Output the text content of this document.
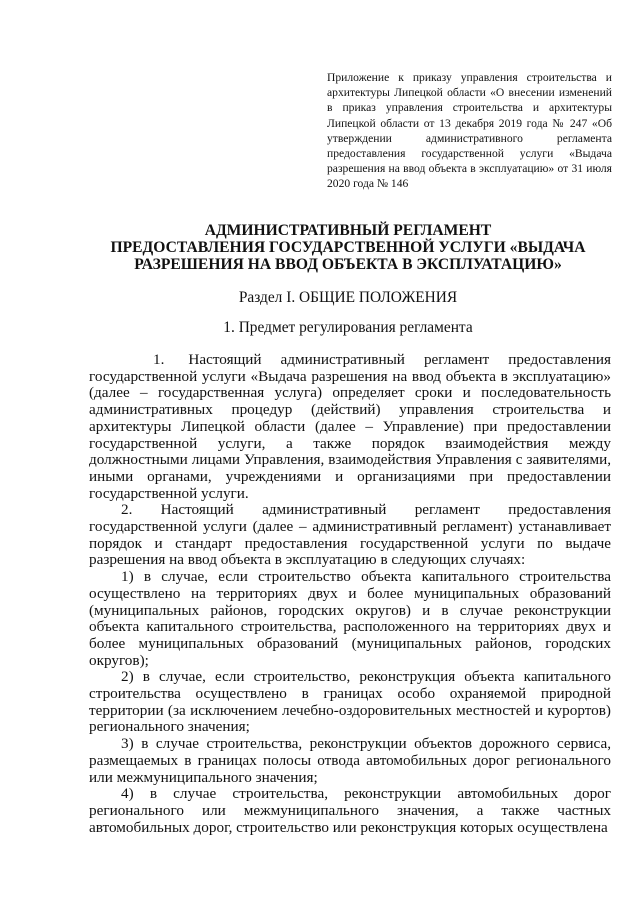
Приложение к приказу управления строительства и архитектуры Липецкой области «О внесении изменений в приказ управления строительства и архитектуры Липецкой области от 13 декабря 2019 года № 247 «Об утверждении административного регламента предоставления государственной услуги «Выдача разрешения на ввод объекта в эксплуатацию» от 31 июля 2020 года № 146

АДМИНИСТРАТИВНЫЙ РЕГЛАМЕНТ
ПРЕДОСТАВЛЕНИЯ ГОСУДАРСТВЕННОЙ УСЛУГИ «ВЫДАЧА
РАЗРЕШЕНИЯ НА ВВОД ОБЪЕКТА В ЭКСПЛУАТАЦИЮ»
Раздел I. ОБЩИЕ ПОЛОЖЕНИЯ
1. Предмет регулирования регламента

1. Настоящий административный регламент предоставления государственной услуги «Выдача разрешения на ввод объекта в эксплуатацию» (далее – государственная услуга) определяет сроки и последовательность административных процедур (действий) управления строительства и архитектуры Липецкой области (далее – Управление) при предоставлении государственной услуги, а также порядок взаимодействия между должностными лицами Управления, взаимодействия Управления с заявителями, иными органами, учреждениями и организациями при предоставлении государственной услуги.

2. Настоящий административный регламент предоставления государственной услуги (далее – административный регламент) устанавливает порядок и стандарт предоставления государственной услуги по выдаче разрешения на ввод объекта в эксплуатацию в следующих случаях:

1) в случае, если строительство объекта капитального строительства осуществлено на территориях двух и более муниципальных образований (муниципальных районов, городских округов) и в случае реконструкции объекта капитального строительства, расположенного на территориях двух и более муниципальных образований (муниципальных районов, городских округов);

2) в случае, если строительство, реконструкция объекта капитального строительства осуществлено в границах особо охраняемой природной территории (за исключением лечебно-оздоровительных местностей и курортов) регионального значения;

3) в случае строительства, реконструкции объектов дорожного сервиса, размещаемых в границах полосы отвода автомобильных дорог регионального или межмуниципального значения;

4) в случае строительства, реконструкции автомобильных дорог регионального или межмуниципального значения, а также частных автомобильных дорог, строительство или реконструкция которых осуществлена
